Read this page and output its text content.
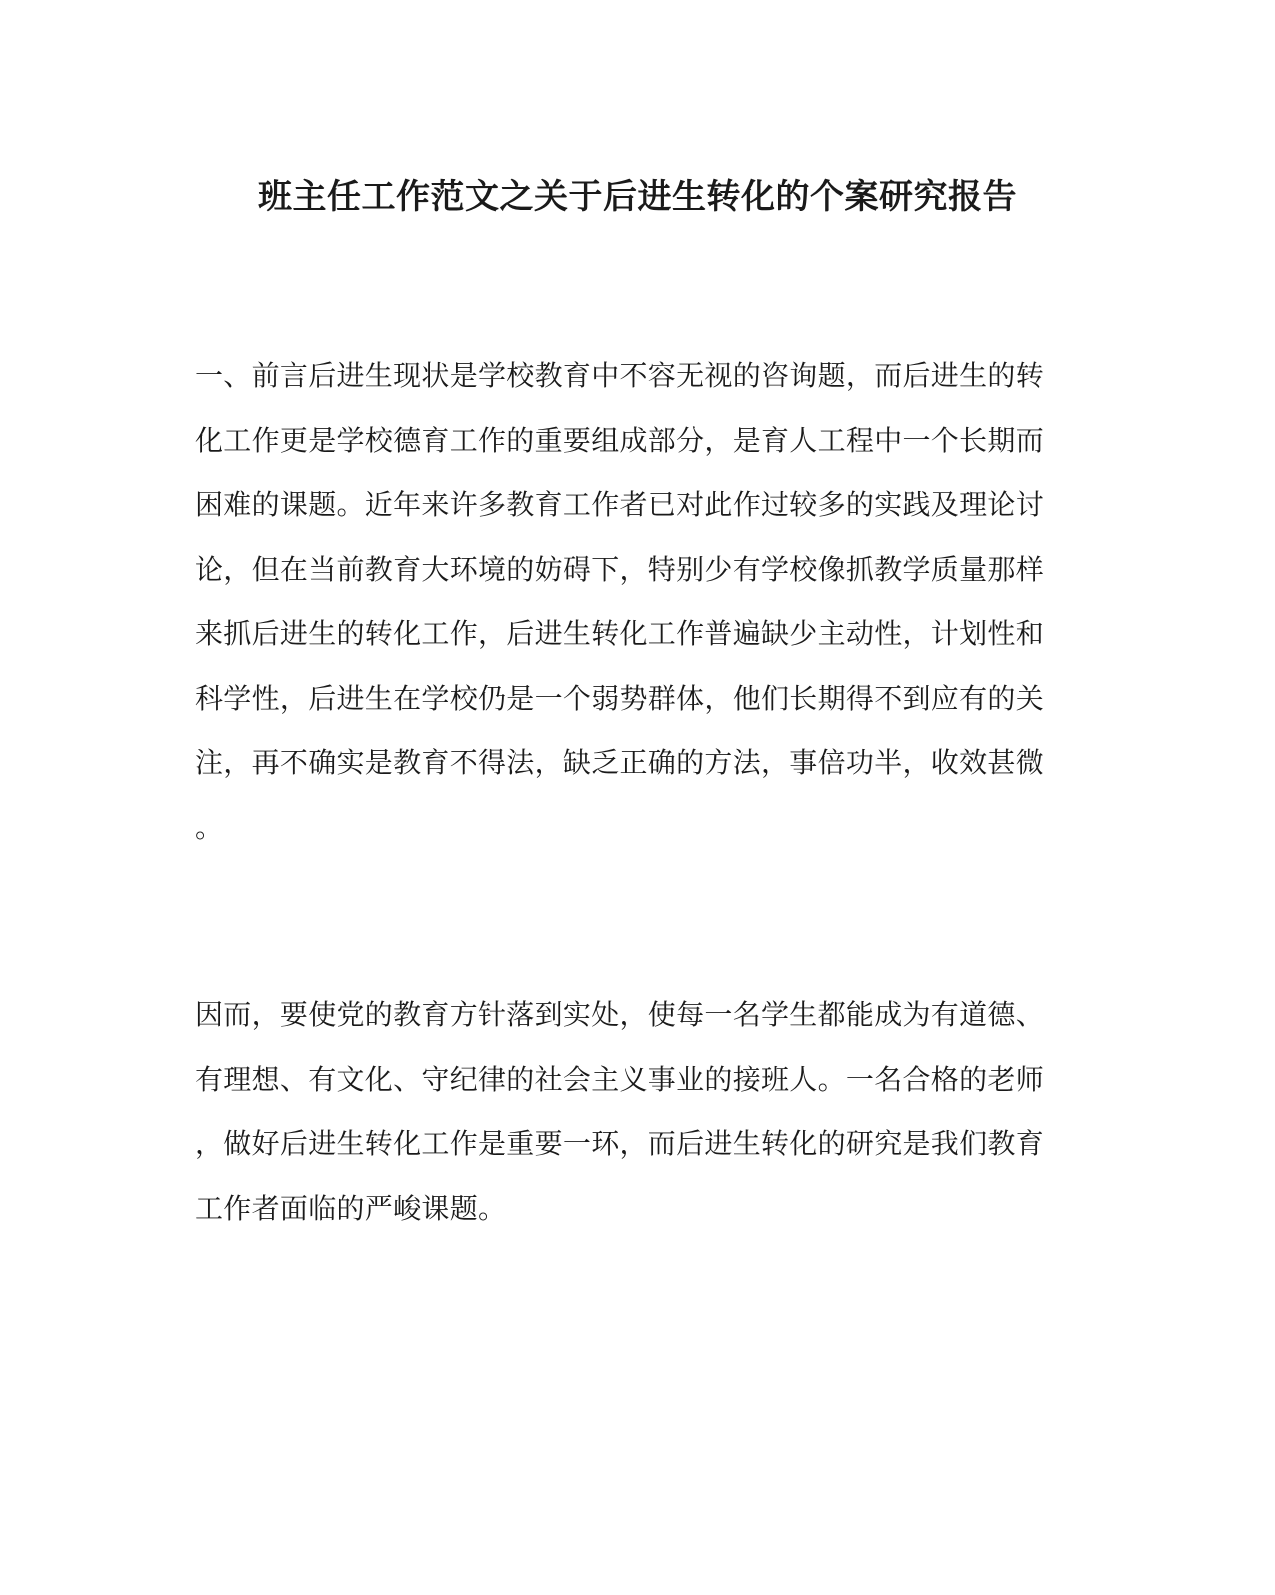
班主任工作范文之关于后进生转化的个案研究报告
一、前言后进生现状是学校教育中不容无视的咨询题，而后进生的转
化工作更是学校德育工作的重要组成部分，是育人工程中一个长期而
困难的课题。近年来许多教育工作者已对此作过较多的实践及理论讨
论，但在当前教育大环境的妨碍下，特别少有学校像抓教学质量那样
来抓后进生的转化工作，后进生转化工作普遍缺少主动性，计划性和
科学性，后进生在学校仍是一个弱势群体，他们长期得不到应有的关
注，再不确实是教育不得法，缺乏正确的方法，事倍功半，收效甚微
。
因而，要使党的教育方针落到实处，使每一名学生都能成为有道德、
有理想、有文化、守纪律的社会主义事业的接班人。一名合格的老师
，做好后进生转化工作是重要一环，而后进生转化的研究是我们教育
工作者面临的严峻课题。
